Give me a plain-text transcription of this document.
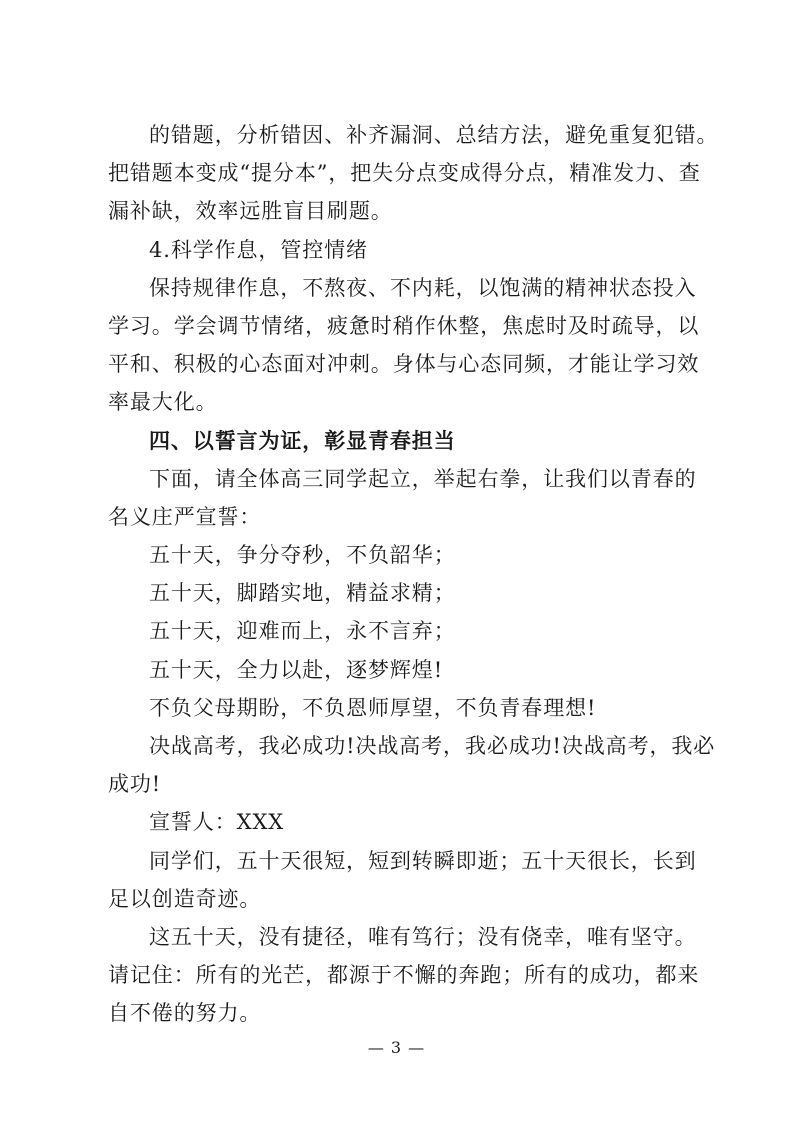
的错题，分析错因、补齐漏洞、总结方法，避免重复犯错。
把错题本变成“提分本”，把失分点变成得分点，精准发力、查
漏补缺，效率远胜盲目刷题。
4.科学作息，管控情绪
保持规律作息，不熬夜、不内耗，以饱满的精神状态投入
学习。学会调节情绪，疲惫时稍作休整，焦虑时及时疏导，以
平和、积极的心态面对冲刺。身体与心态同频，才能让学习效
率最大化。
四、以誓言为证，彰显青春担当
下面，请全体高三同学起立，举起右拳，让我们以青春的
名义庄严宣誓：
五十天，争分夺秒，不负韶华；
五十天，脚踏实地，精益求精；
五十天，迎难而上，永不言弃；
五十天，全力以赴，逐梦辉煌!
不负父母期盼，不负恩师厚望，不负青春理想!
决战高考，我必成功!决战高考，我必成功!决战高考，我必
成功!
宣誓人：XXX
同学们，五十天很短，短到转瞬即逝；五十天很长，长到
足以创造奇迹。
这五十天，没有捷径，唯有笃行；没有侥幸，唯有坚守。
请记住：所有的光芒，都源于不懈的奔跑；所有的成功，都来
自不倦的努力。
— 3 —
